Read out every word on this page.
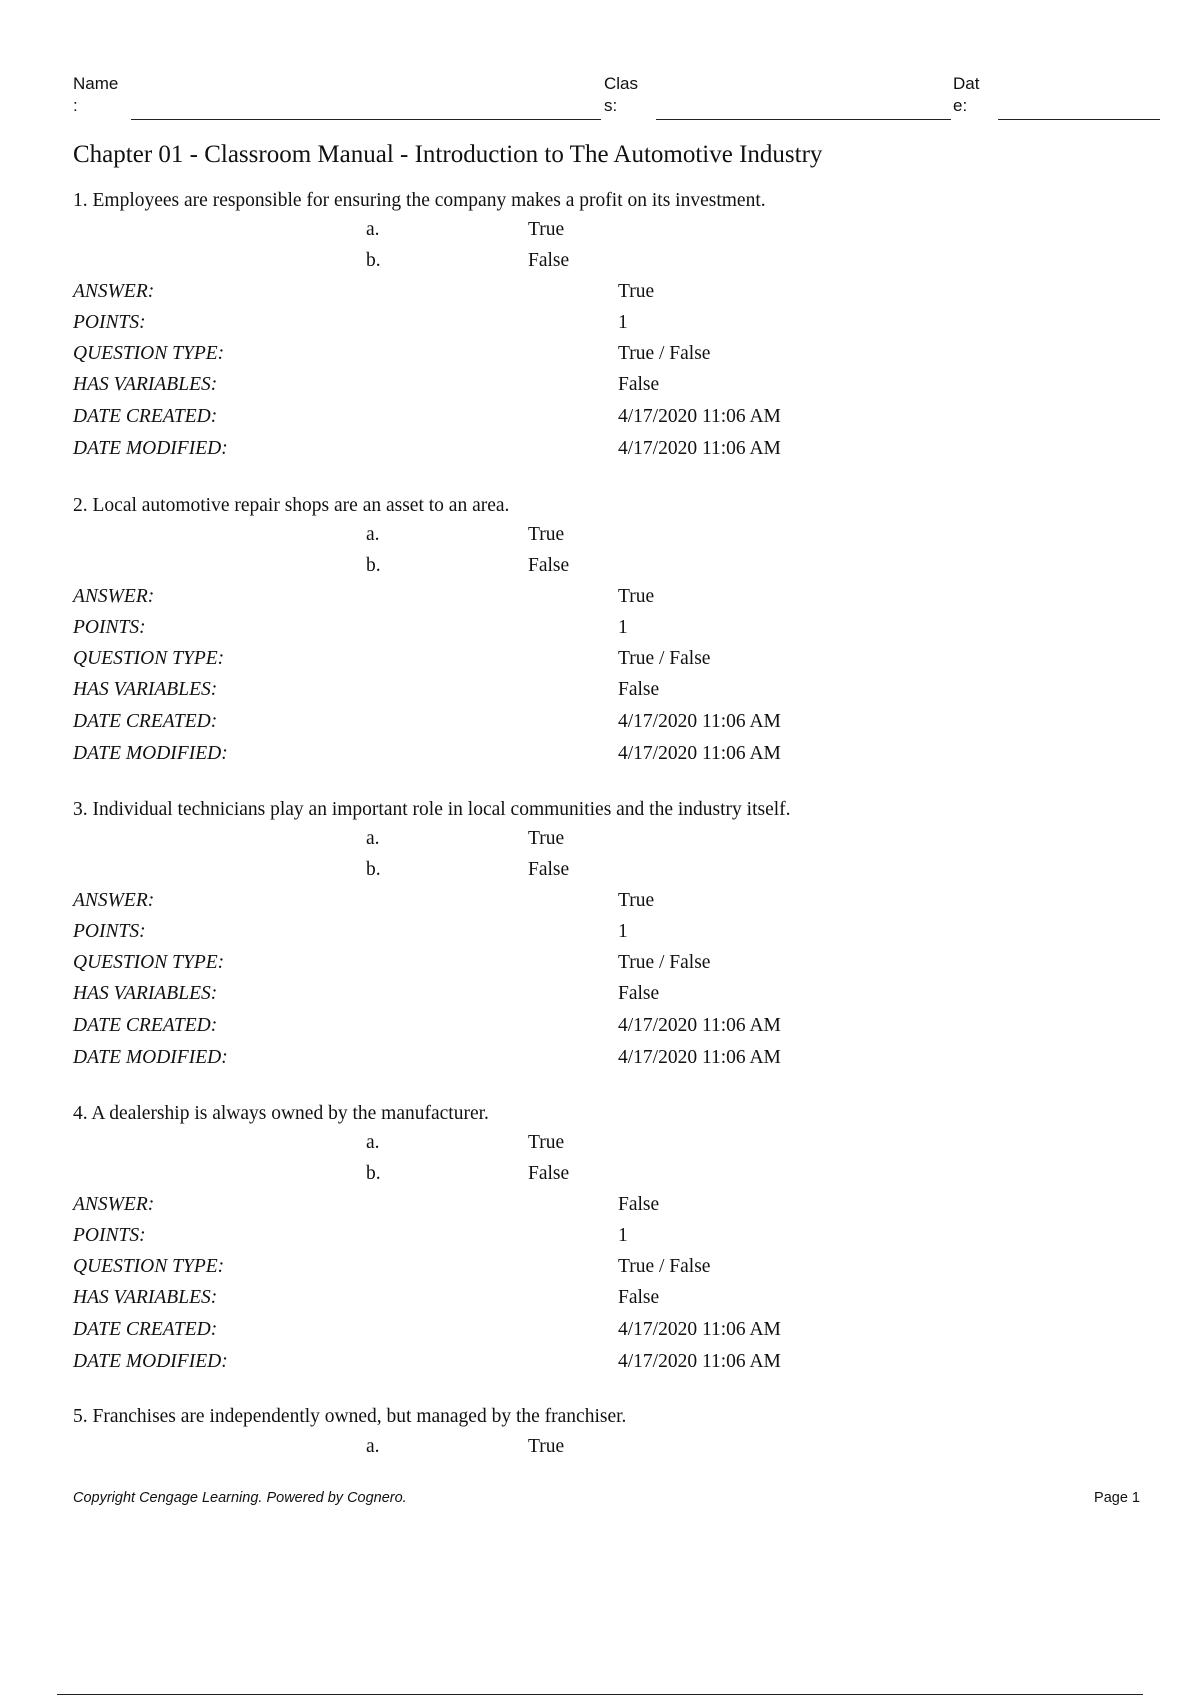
Name
:
Clas
s:
Dat
e:
Chapter 01 - Classroom Manual - Introduction to The Automotive Industry
1. Employees are responsible for ensuring the company makes a profit on its investment.
a.	True
b.	False
ANSWER:	True
POINTS:	1
QUESTION TYPE:	True / False
HAS VARIABLES:	False
DATE CREATED:	4/17/2020 11:06 AM
DATE MODIFIED:	4/17/2020 11:06 AM
2. Local automotive repair shops are an asset to an area.
a.	True
b.	False
ANSWER:	True
POINTS:	1
QUESTION TYPE:	True / False
HAS VARIABLES:	False
DATE CREATED:	4/17/2020 11:06 AM
DATE MODIFIED:	4/17/2020 11:06 AM
3. Individual technicians play an important role in local communities and the industry itself.
a.	True
b.	False
ANSWER:	True
POINTS:	1
QUESTION TYPE:	True / False
HAS VARIABLES:	False
DATE CREATED:	4/17/2020 11:06 AM
DATE MODIFIED:	4/17/2020 11:06 AM
4. A dealership is always owned by the manufacturer.
a.	True
b.	False
ANSWER:	False
POINTS:	1
QUESTION TYPE:	True / False
HAS VARIABLES:	False
DATE CREATED:	4/17/2020 11:06 AM
DATE MODIFIED:	4/17/2020 11:06 AM
5. Franchises are independently owned, but managed by the franchiser.
a.	True
Copyright Cengage Learning. Powered by Cognero.	Page 1
